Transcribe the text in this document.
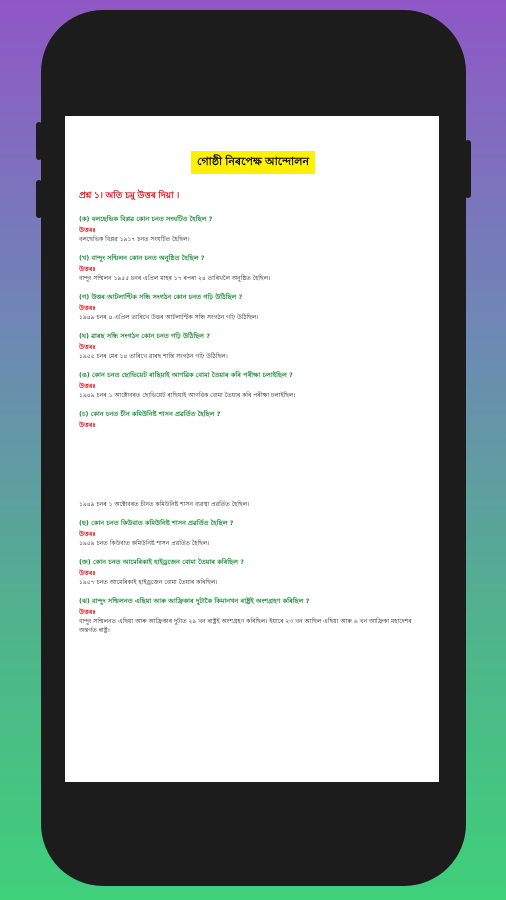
গোষ্ঠী নিৰপেক্ষ আন্দোলন
প্ৰশ্ন ১। অতি চমু উত্তৰ দিয়া ।
(ক) বলছেভিক বিপ্লৱ কোন চনত সংঘটিত হৈছিল ?
উত্তৰঃ
বলছেভিক বিপ্লৱ ১৯১৭ চনত সংঘটিত হৈছিল।
(খ) বান্দুং সন্মিলন কোন চনত অনুষ্ঠিত হৈছিল ?
উত্তৰঃ
বান্দুং সন্মিলন ১৯৫৫ চনৰ এপ্ৰিল মাহৰ ১৭ ৰপৰা ২৪ তাৰিখলৈ অনুষ্ঠিত হৈছিল।
(গ) উত্তৰ আটলাণ্টিক সন্ধি সংগঠন কোন চনত গঢ়ি উঠিছিল ?
উত্তৰঃ
১৯৪৯ চনৰ ৪ এপ্ৰিল তাৰিখে উত্তৰ আটলাণ্টিক সন্ধি সংগঠন গঢ়ি উঠিছিল।
(ঘ) ৱাৰছ সন্ধি সংগঠন কোন চনত গঢ়ি উঠিছিল ?
উত্তৰঃ
১৯৫৫ চনৰ মেৰ ১৪ তাৰিখে ৱাৰছ শান্তি সংগঠন গঢ়ি উঠিছিল।
(ঙ) কোন চনত ছোভিয়েট ৰাছিয়াই আণৱিক বোমা তৈয়াৰ কৰি পৰীক্ষা চলাইছিল ?
উত্তৰঃ
১৯৪৯ চনৰ ১ আক্টোবৰত ছোভিয়েট ৰাছিয়াই আণৱিক বোমা তৈয়াৰ কৰি পৰীক্ষা চলাইছিল।
(চ) কোন চনত চীন কমিউনিষ্ট শাসন প্ৰৱৰ্তিত হৈছিল ?
উত্তৰঃ
১৯৪৯ চনৰ ১ অক্টোবৰত চীনত কমিউনিষ্ট শাসন ব্যৱস্থা প্ৰৱৰ্তিত হৈছিল।
(ছ) কোন চনত কিউবাত কমিউনিষ্ট শাসন প্ৰৱৰ্তিত হৈছিল ?
উত্তৰঃ
১৯৫৯ চনত কিউবাত কমিউনিষ্ট শাসন প্ৰৱৰ্তিত হৈছিল।
(জ) কোন চনত আমেৰিকাই হাইড্ৰজেন বোমা তৈয়াৰ কৰিছিল ?
উত্তৰঃ
১৯৫৭ চনত আমেৰিকাই হাইড্ৰজেন বোমা তৈয়াৰ কৰিছিল।
(ঝ) বান্দুং সন্মিলনত এছিয়া আৰু আফ্ৰিকাৰ দুটাকৈ কিমানখন ৰাষ্ট্ৰই অংশগ্ৰহণ কৰিছিল ?
উত্তৰঃ
বান্দুং সন্মিলনত এছিয়া আৰু আফ্ৰিকাৰ দুটাত ২৯ খন ৰাষ্ট্ৰই অংশগ্ৰহণ কৰিছিল। ইয়াৰে ২৩ খন আছিল এছিয়া আৰু ৬ খন আফ্ৰিকা মহাদেশৰ অন্তৰ্গত ৰাষ্ট্ৰ।
